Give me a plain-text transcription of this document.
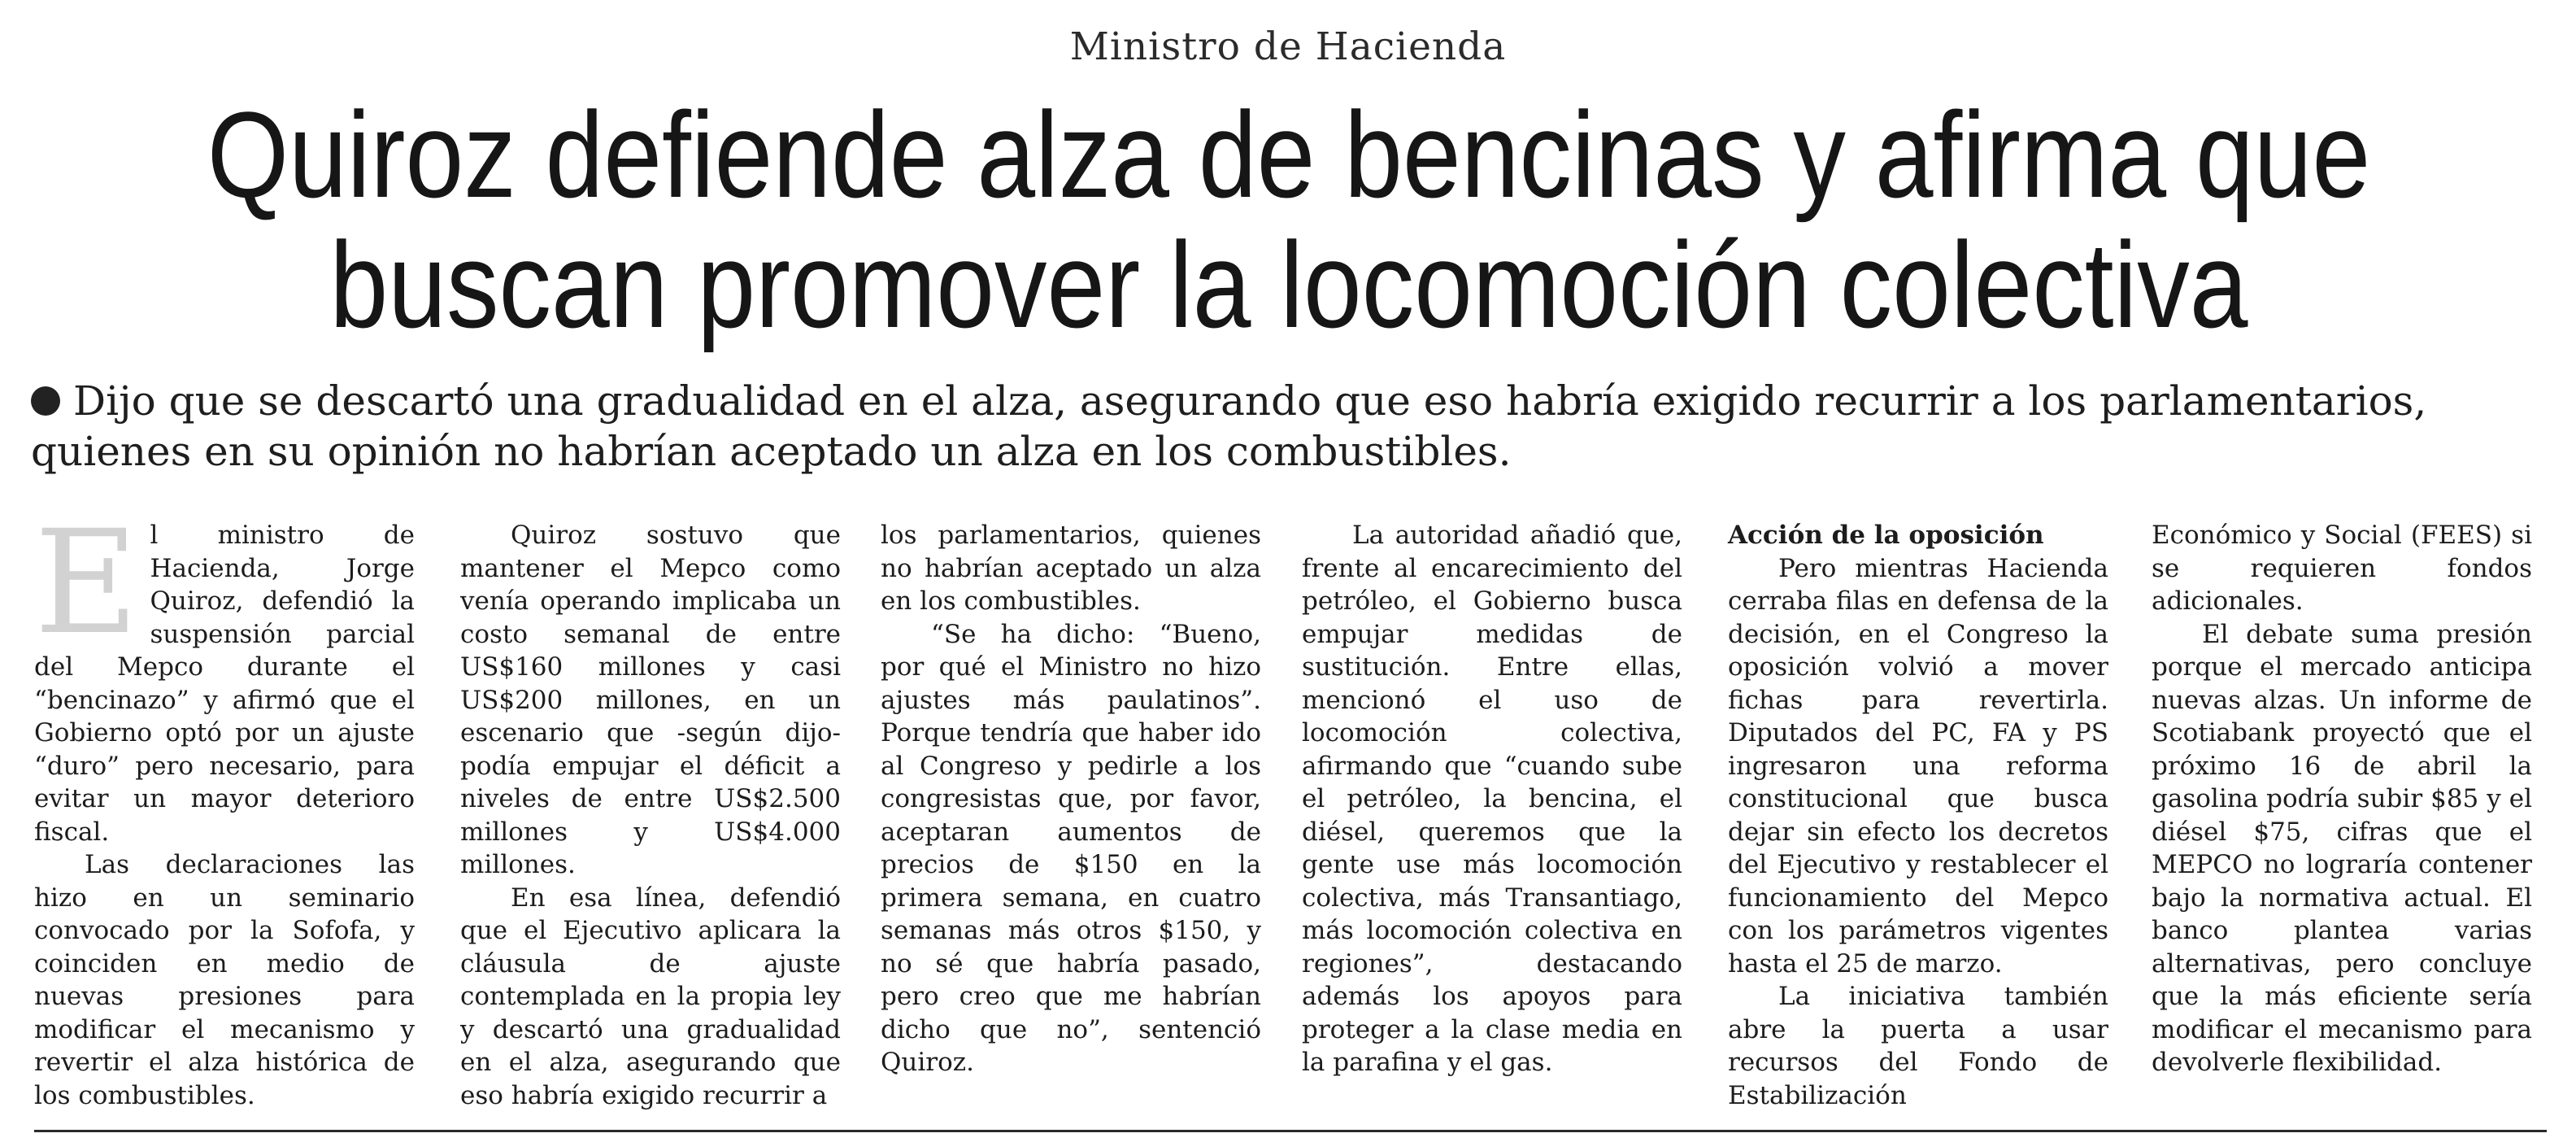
Ministro de Hacienda
Quiroz defiende alza de bencinas y afirma que
buscan promover la locomoción colectiva
Dijo que se descartó una gradualidad en el alza, asegurando que eso habría exigido recurrir a los parlamentarios, quienes en su opinión no habrían aceptado un alza en los combustibles.
E l ministro de Hacienda, Jorge Quiroz, defendió la suspensión parcial del Mepco durante el “bencinazo” y afirmó que el Gobierno optó por un ajuste “duro” pero necesario, para evitar un mayor deterioro fiscal.

Las declaraciones las hizo en un seminario convocado por la Sofofa, y coinciden en medio de nuevas presiones para modificar el mecanismo y revertir el alza histórica de los combustibles.

Quiroz sostuvo que mantener el Mepco como venía operando implicaba un costo semanal de entre US$160 millones y casi US$200 millones, en un escenario que -según dijo- podía empujar el déficit a niveles de entre US$2.500 millones y US$4.000 millones.

En esa línea, defendió que el Ejecutivo aplicara la cláusula de ajuste contemplada en la propia ley y descartó una gradualidad en el alza, asegurando que eso habría exigido recurrir a

los parlamentarios, quienes no habrían aceptado un alza en los combustibles.

“Se ha dicho: “Bueno, por qué el Ministro no hizo ajustes más paulatinos”. Porque tendría que haber ido al Congreso y pedirle a los congresistas que, por favor, aceptaran aumentos de precios de $150 en la primera semana, en cuatro semanas más otros $150, y no sé que habría pasado, pero creo que me habrían dicho que no”, sentenció Quiroz.

La autoridad añadió que, frente al encarecimiento del petróleo, el Gobierno busca empujar medidas de sustitución. Entre ellas, mencionó el uso de locomoción colectiva, afirmando que “cuando sube el petróleo, la bencina, el diésel, queremos que la gente use más locomoción colectiva, más Transantiago, más locomoción colectiva en regiones”, destacando además los apoyos para proteger a la clase media en la parafina y el gas.

Acción de la oposición

Pero mientras Hacienda cerraba filas en defensa de la decisión, en el Congreso la oposición volvió a mover fichas para revertirla. Diputados del PC, FA y PS ingresaron una reforma constitucional que busca dejar sin efecto los decretos del Ejecutivo y restablecer el funcionamiento del Mepco con los parámetros vigentes hasta el 25 de marzo.

La iniciativa también abre la puerta a usar recursos del Fondo de Estabilización

Económico y Social (FEES) si se requieren fondos adicionales.

El debate suma presión porque el mercado anticipa nuevas alzas. Un informe de Scotiabank proyectó que el próximo 16 de abril la gasolina podría subir $85 y el diésel $75, cifras que el MEPCO no lograría contener bajo la normativa actual. El banco plantea varias alternativas, pero concluye que la más eficiente sería modificar el mecanismo para devolverle flexibilidad.
